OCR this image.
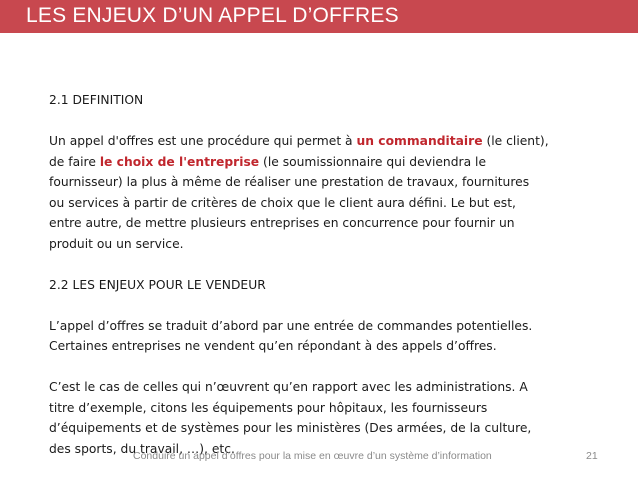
LES ENJEUX D’UN APPEL D’OFFRES
2.1 DEFINITION
Un appel d'offres est une procédure qui permet à un commanditaire (le client),
de faire le choix de l'entreprise (le soumissionnaire qui deviendra le
fournisseur) la plus à même de réaliser une prestation de travaux, fournitures
ou services à partir de critères de choix que le client aura défini. Le but est,
entre autre, de mettre plusieurs entreprises en concurrence pour fournir un
produit ou un service.
2.2 LES ENJEUX POUR LE VENDEUR
L’appel d’offres se traduit d’abord par une entrée de commandes potentielles.
Certaines entreprises ne vendent qu’en répondant à des appels d’offres.
C’est le cas de celles qui n’œuvrent qu’en rapport avec les administrations. A
titre d’exemple, citons les équipements pour hôpitaux, les fournisseurs
d’équipements et de systèmes pour les ministères (Des armées, de la culture,
des sports, du travail, …), etc.
Conduire un appel d’offres pour la mise en œuvre d’un système d’information	21
